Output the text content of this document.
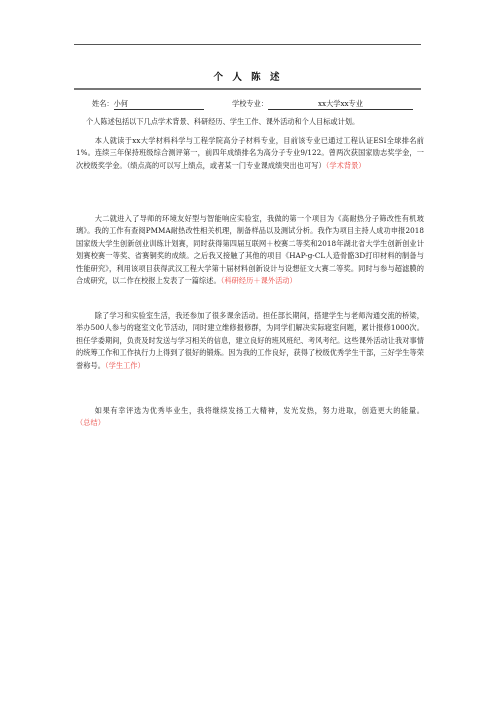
个 人 陈 述
姓名：小何	学校专业：	xx大学xx专业
个人陈述包括以下几点学术背景、科研经历、学生工作、课外活动和个人目标或计划。
本人就读于xx大学材料科学与工程学院高分子材料专业，目前该专业已通过工程认证ESI全球排名前1%。连续三年保持班级综合测评第一，前四年成绩排名为高分子专业9/122。曾两次获国家励志奖学金，一次校级奖学金。（绩点高的可以写上绩点，或者某一门专业课成绩突出也可写）（学术背景）
大二就进入了导师的环境友好型与智能响应实验室，我做的第一个项目为《高耐热分子筛改性有机玻璃》。我的工作有查阅PMMA耐热改性相关机理，制备样品以及测试分析。我作为项目主持人成功申报2018国家级大学生创新创业训练计划赛，同时获得第四届互联网＋校赛二等奖和2018年湖北省大学生创新创业计划赛校赛一等奖、省赛铜奖的成绩。之后我又接触了其他的项目《HAP-g-CL人造骨骼3D打印材料的制备与性能研究》，利用该项目获得武汉工程大学第十届材料创新设计与设想征文大赛二等奖。同时与参与超滤膜的合成研究，以二作在校报上发表了一篇综述。（科研经历＋课外活动）
除了学习和实验室生活，我还参加了很多课余活动。担任部长期间，搭建学生与老师沟通交流的桥梁，举办500人参与的寝室文化节活动，同时建立维修报修群，为同学们解决实际寝室问题，累计报修1000次。担任学委期间，负责及时发送与学习相关的信息，建立良好的班风班纪、考风考纪。这些课外活动让我对事情的统筹工作和工作执行力上得到了很好的锻炼。因为我的工作良好，获得了校级优秀学生干部，三好学生等荣誉称号。（学生工作）
如果有幸评选为优秀毕业生，我将继续发扬工大精神，发光发热，努力进取，创造更大的能量。（总结）
